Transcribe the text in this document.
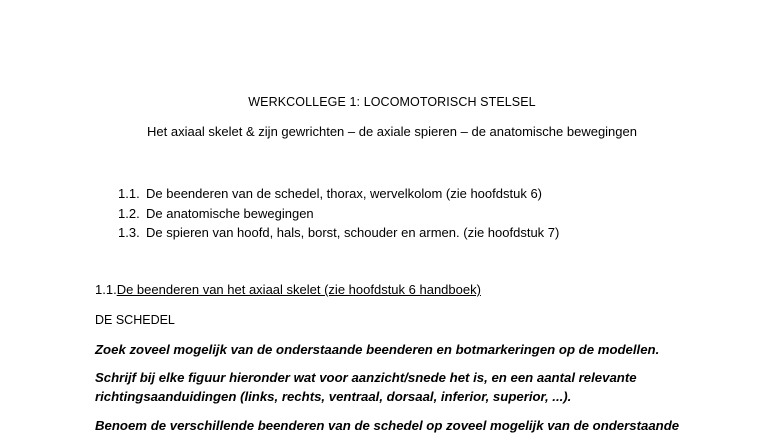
WERKCOLLEGE 1: LOCOMOTORISCH STELSEL
Het axiaal skelet & zijn gewrichten – de axiale spieren – de anatomische bewegingen
1.1. De beenderen van de schedel, thorax, wervelkolom (zie hoofdstuk 6)
1.2. De anatomische bewegingen
1.3. De spieren van hoofd, hals, borst, schouder en armen. (zie hoofdstuk 7)
1.1.De beenderen van het axiaal skelet (zie hoofdstuk 6 handboek)
DE SCHEDEL
Zoek zoveel mogelijk van de onderstaande beenderen en botmarkeringen op de modellen.
Schrijf bij elke figuur hieronder wat voor aanzicht/snede het is, en een aantal relevante richtingsaanduidingen (links, rechts, ventraal, dorsaal, inferior, superior, ...).
Benoem de verschillende beenderen van de schedel op zoveel mogelijk van de onderstaande
